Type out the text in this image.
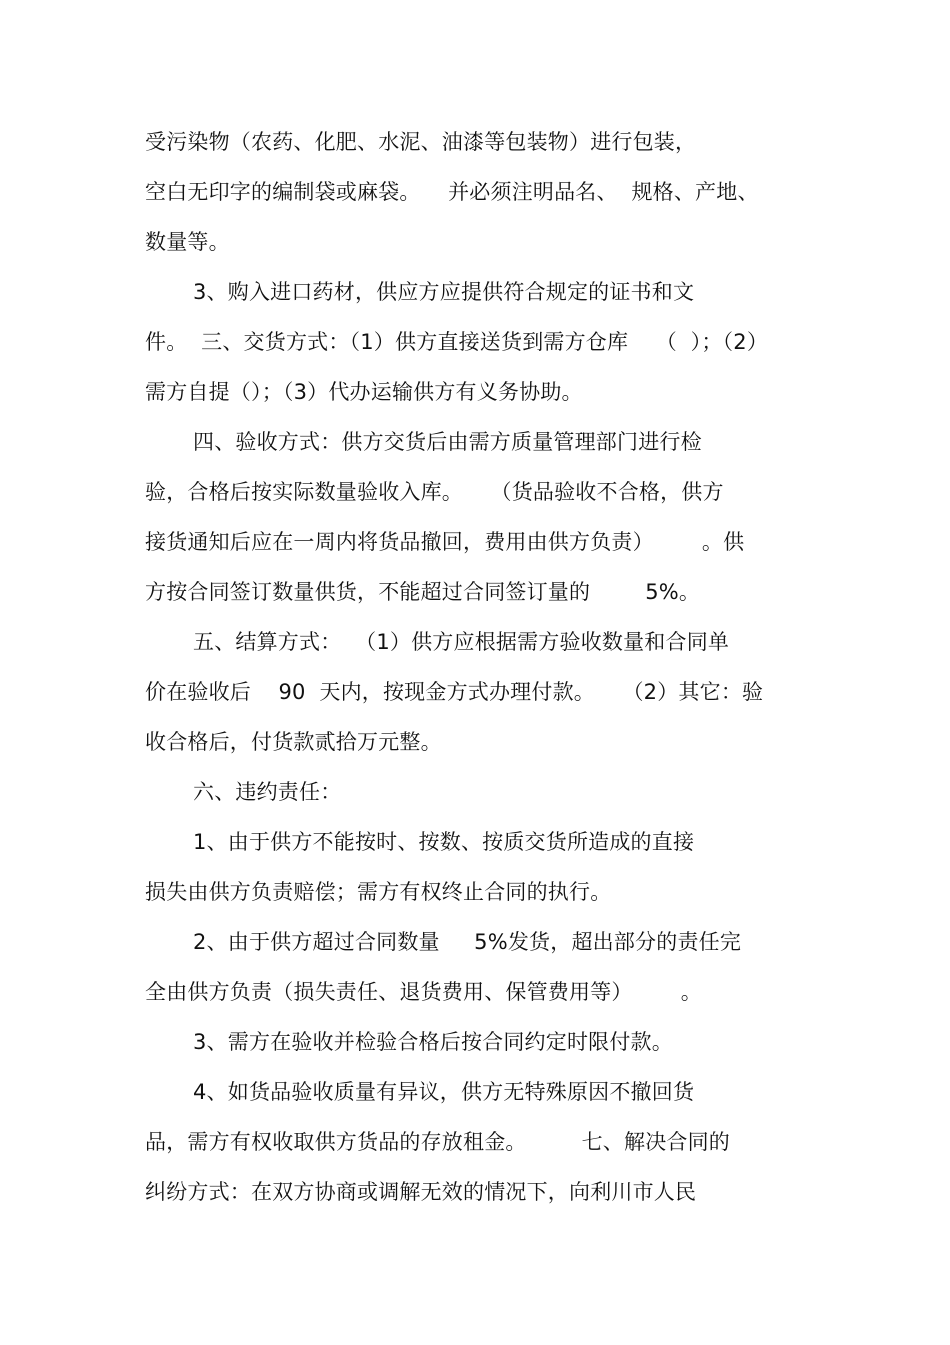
受污染物（农药、化肥、水泥、油漆等包装物）进行包装，
空白无印字的编制袋或麻袋。    并必须注明品名、  规格、产地、
数量等。
3、购入进口药材，供应方应提供符合规定的证书和文
件。  三、交货方式：（1）供方直接送货到需方仓库    （  ）；（2）
需方自提（）；（3）代办运输供方有义务协助。
四、验收方式：供方交货后由需方质量管理部门进行检
验，合格后按实际数量验收入库。    （货品验收不合格，供方
接货通知后应在一周内将货品撤回，费用由供方负责）       。供
方按合同签订数量供货，不能超过合同签订量的        5%。
五、结算方式：  （1）供方应根据需方验收数量和合同单
价在验收后    90  天内，按现金方式办理付款。    （2）其它：验
收合格后，付货款贰拾万元整。
六、违约责任：
1、由于供方不能按时、按数、按质交货所造成的直接
损失由供方负责赔偿；需方有权终止合同的执行。
2、由于供方超过合同数量     5%发货，超出部分的责任完
全由供方负责（损失责任、退货费用、保管费用等）       。
3、需方在验收并检验合格后按合同约定时限付款。
4、如货品验收质量有异议，供方无特殊原因不撤回货
品，需方有权收取供方货品的存放租金。        七、解决合同的
纠纷方式：在双方协商或调解无效的情况下，向利川市人民
